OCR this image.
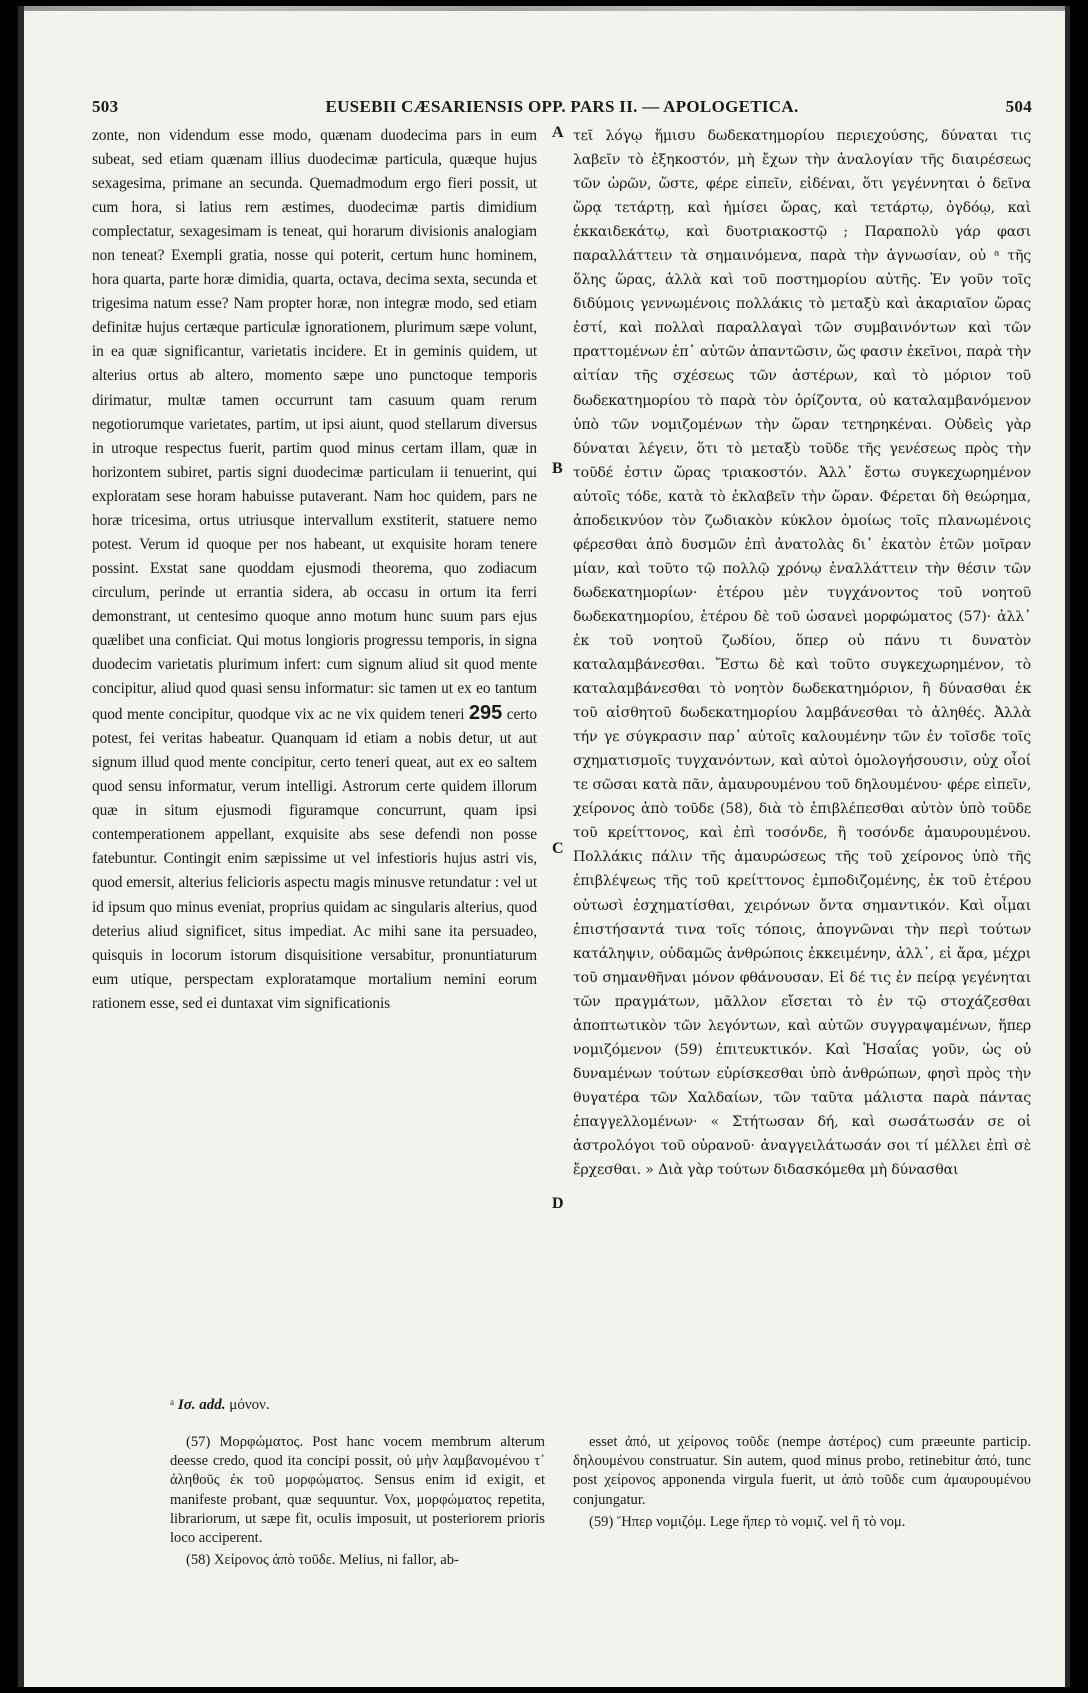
503	EUSEBII CÆSARIENSIS OPP. PARS II. — APOLOGETICA.	504

zonte, non videndum esse modo, quænam duodecima pars in eum subeat, sed etiam quænam illius duodecimæ particula, quæque hujus sexagesima, primane an secunda. Quemadmodum ergo fieri possit, ut cum hora, si latius rem æstimes, duodecimæ partis dimidium complectatur, sexagesimam is teneat, qui horarum divisionis analogiam non teneat? Exempli gratia, nosse qui poterit, certum hunc hominem, hora quarta, parte horæ dimidia, quarta, octava, decima sexta, secunda et trigesima natum esse? Nam propter horæ, non integræ modo, sed etiam definitæ hujus certæque particulæ ignorationem, plurimum sæpe volunt, in ea quæ significantur, varietatis incidere. Et in geminis quidem, ut alterius ortus ab altero, momento sæpe uno punctoque temporis dirimatur, multæ tamen occurrunt tam casuum quam rerum negotiorumque varietates, partim, ut ipsi aiunt, quod stellarum diversus in utroque respectus fuerit, partim quod minus certam illam, quæ in horizontem subiret, partis signi duodecimæ particulam ii tenuerint, qui exploratam sese horam habuisse putaverant. Nam hoc quidem, pars ne horæ tricesima, ortus utriusque intervallum exstiterit, statuere nemo potest. Verum id quoque per nos habeant, ut exquisite horam tenere possint. Exstat sane quoddam ejusmodi theorema, quo zodiacum circulum, perinde ut errantia sidera, ab occasu in ortum ita ferri demonstrant, ut centesimo quoque anno motum hunc suum pars ejus quælibet una conficiat. Qui motus longioris progressu temporis, in signa duodecim varietatis plurimum infert: cum signum aliud sit quod mente concipitur, aliud quod quasi sensu informatur: sic tamen ut ex eo tantum quod mente concipitur, quodque vix ac ne vix quidem teneri 295 certo potest, fei veritas habeatur. Quanquam id etiam a nobis detur, ut aut signum illud quod mente concipitur, certo teneri queat, aut ex eo saltem quod sensu informatur, verum intelligi. Astrorum certe quidem illorum quæ in situm ejusmodi figuramque concurrunt, quam ipsi contemperationem appellant, exquisite abs sese defendi non posse fatebuntur. Contingit enim sæpissime ut vel infestioris hujus astri vis, quod emersit, alterius felicioris aspectu magis minusve retundatur : vel ut id ipsum quo minus eveniat, proprius quidam ac singularis alterius, quod deterius aliud significet, situs impediat. Ac mihi sane ita persuadeo, quisquis in locorum istorum disquisitione versabitur, pronuntiaturum eum utique, perspectam exploratamque mortalium nemini eorum rationem esse, sed ei duntaxat vim significationis

A
B
C
D

τεῖ λόγῳ ἥμισυ δωδεκατημορίου περιεχούσης, δύναται τις λαβεῖν τὸ ἑξηκοστόν, μὴ ἔχων τὴν ἀναλογίαν τῆς διαιρέσεως τῶν ὡρῶν, ὥστε, φέρε εἰπεῖν, εἰδέναι, ὅτι γεγέννηται ὁ δεῖνα ὥρᾳ τετάρτῃ, καὶ ἡμίσει ὥρας, καὶ τετάρτῳ, ὀγδόῳ, καὶ ἑκκαιδεκάτῳ, καὶ δυοτριακοστῷ ; Παραπολὺ γάρ φασι παραλλάττειν τὰ σημαινόμενα, παρὰ τὴν ἀγνωσίαν, οὐ ᵃ τῆς ὅλης ὥρας, ἀλλὰ καὶ τοῦ ποστημορίου αὐτῆς. Ἐν γοῦν τοῖς διδύμοις γεννωμένοις πολλάκις τὸ μεταξὺ καὶ ἀκαριαῖον ὥρας ἐστί, καὶ πολλαὶ παραλλαγαὶ τῶν συμβαινόντων καὶ τῶν πραττομένων ἐπ᾽ αὐτῶν ἀπαντῶσιν, ὥς φασιν ἐκεῖνοι, παρὰ τὴν αἰτίαν τῆς σχέσεως τῶν ἀστέρων, καὶ τὸ μόριον τοῦ δωδεκατημορίου τὸ παρὰ τὸν ὁρίζοντα, οὐ καταλαμβανόμενον ὑπὸ τῶν νομιζομένων τὴν ὥραν τετηρηκέναι. Οὐδεὶς γὰρ δύναται λέγειν, ὅτι τὸ μεταξὺ τοῦδε τῆς γενέσεως πρὸς τὴν τοῦδέ ἐστιν ὥρας τριακοστόν. Ἀλλ᾽ ἔστω συγκεχωρημένον αὐτοῖς τόδε, κατὰ τὸ ἐκλαβεῖν τὴν ὥραν. Φέρεται δὴ θεώρημα, ἀποδεικνύον τὸν ζωδιακὸν κύκλον ὁμοίως τοῖς πλανωμένοις φέρεσθαι ἀπὸ δυσμῶν ἐπὶ ἀνατολὰς δι᾽ ἑκατὸν ἐτῶν μοῖραν μίαν, καὶ τοῦτο τῷ πολλῷ χρόνῳ ἐναλλάττειν τὴν θέσιν τῶν δωδεκατημορίων· ἑτέρου μὲν τυγχάνοντος τοῦ νοητοῦ δωδεκατημορίου, ἑτέρου δὲ τοῦ ὡσανεὶ μορφώματος (57)· ἀλλ᾽ ἐκ τοῦ νοητοῦ ζωδίου, ὅπερ οὐ πάνυ τι δυνατὸν καταλαμβάνεσθαι. Ἔστω δὲ καὶ τοῦτο συγκεχωρημένον, τὸ καταλαμβάνεσθαι τὸ νοητὸν δωδεκατημόριον, ἢ δύνασθαι ἐκ τοῦ αἰσθητοῦ δωδεκατημορίου λαμβάνεσθαι τὸ ἀληθές. Ἀλλὰ τήν γε σύγκρασιν παρ᾽ αὐτοῖς καλουμένην τῶν ἐν τοῖσδε τοῖς σχηματισμοῖς τυγχανόντων, καὶ αὐτοὶ ὁμολογήσουσιν, οὐχ οἷοί τε σῶσαι κατὰ πᾶν, ἀμαυρουμένου τοῦ δηλουμένου· φέρε εἰπεῖν, χείρονος ἀπὸ τοῦδε (58), διὰ τὸ ἐπιβλέπεσθαι αὐτὸν ὑπὸ τοῦδε τοῦ κρείττονος, καὶ ἐπὶ τοσόνδε, ἢ τοσόνδε ἀμαυρουμένου. Πολλάκις πάλιν τῆς ἀμαυρώσεως τῆς τοῦ χείρονος ὑπὸ τῆς ἐπιβλέψεως τῆς τοῦ κρείττονος ἐμποδιζομένης, ἐκ τοῦ ἑτέρου οὑτωσὶ ἐσχηματίσθαι, χειρόνων ὄντα σημαντικόν. Καὶ οἶμαι ἐπιστήσαντά τινα τοῖς τόποις, ἀπογνῶναι τὴν περὶ τούτων κατάληψιν, οὐδαμῶς ἀνθρώποις ἐκκειμένην, ἀλλ᾽, εἰ ἄρα, μέχρι τοῦ σημανθῆναι μόνον φθάνουσαν. Εἰ δέ τις ἐν πείρᾳ γεγένηται τῶν πραγμάτων, μᾶλλον εἴσεται τὸ ἐν τῷ στοχάζεσθαι ἀποπτωτικὸν τῶν λεγόντων, καὶ αὐτῶν συγγραψαμένων, ἥπερ νομιζόμενον (59) ἐπιτευκτικόν. Καὶ Ἡσαΐας γοῦν, ὡς οὐ δυναμένων τούτων εὑρίσκεσθαι ὑπὸ ἀνθρώπων, φησὶ πρὸς τὴν θυγατέρα τῶν Χαλδαίων, τῶν ταῦτα μάλιστα παρὰ πάντας ἐπαγγελλομένων· « Στήτωσαν δή, καὶ σωσάτωσάν σε οἱ ἀστρολόγοι τοῦ οὐρανοῦ· ἀναγγειλάτωσάν σοι τί μέλλει ἐπὶ σὲ ἔρχεσθαι. » Διὰ γὰρ τούτων διδασκόμεθα μὴ δύνασθαι

ᵃ Ισ. add. μόνον.

(57) Μορφώματος. Post hanc vocem membrum alterum deesse credo, quod ita concipi possit, οὐ μὴν λαμβανομένου τ᾽ ἀληθοῦς ἐκ τοῦ μορφώματος. Sensus enim id exigit, et manifeste probant, quæ sequuntur. Vox, μορφώματος repetita, librariorum, ut sæpe fit, oculis imposuit, ut posteriorem prioris loco acciperent.

(58) Χείρονος ἀπὸ τοῦδε. Melius, ni fallor, ab-

esset ἀπό, ut χείρονος τοῦδε (nempe ἀστέρος) cum præeunte particip. δηλουμένου construatur. Sin autem, quod minus probo, retinebitur ἀπό, tunc post χείρονος apponenda virgula fuerit, ut ἀπὸ τοῦδε cum ἀμαυρουμένου conjungatur.

(59) Ἥπερ νομιζόμ. Lege ἤπερ τὸ νομιζ. vel ἢ τὸ νομ.
